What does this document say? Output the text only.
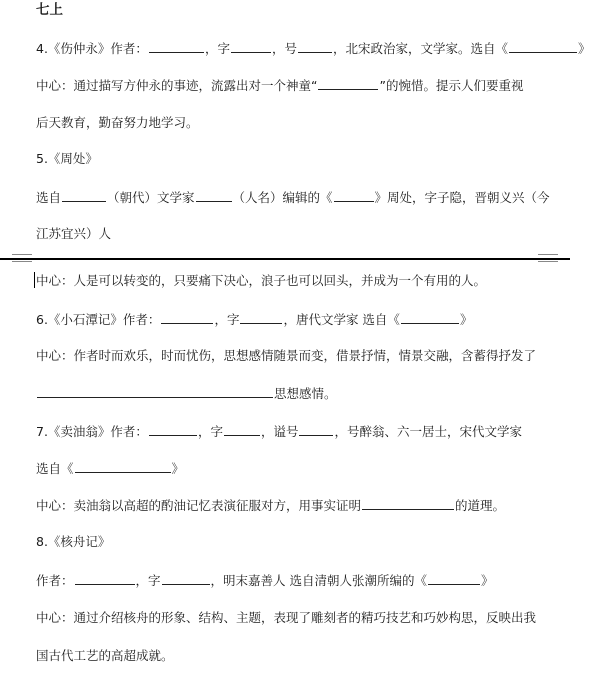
七上
4.《伤仲永》作者：	，字	，号	，北宋政治家，文学家。选自《	》
中心：通过描写方仲永的事迹，流露出对一个神童“	”的惋惜。提示人们要重视
后天教育，勤奋努力地学习。
5.《周处》
选自	（朝代）文学家	（人名）编辑的《	》周处，字子隐，晋朝义兴（今
江苏宜兴）人
中心：人是可以转变的，只要痛下决心，浪子也可以回头，并成为一个有用的人。
6.《小石潭记》作者：	，字	，唐代文学家 选自《	》
中心：作者时而欢乐，时而忧伤，思想感情随景而变，借景抒情，情景交融，含蓄得抒发了
思想感情。
7.《卖油翁》作者：	，字	，谥号	，号醉翁、六一居士，宋代文学家
选自《	》
中心：卖油翁以高超的酌油记忆表演征服对方，用事实证明	的道理。
8.《核舟记》
作者：	，字	，明末嘉善人 选自清朝人张潮所编的《	》
中心：通过介绍核舟的形象、结构、主题，表现了雕刻者的精巧技艺和巧妙构思，反映出我
国古代工艺的高超成就。
